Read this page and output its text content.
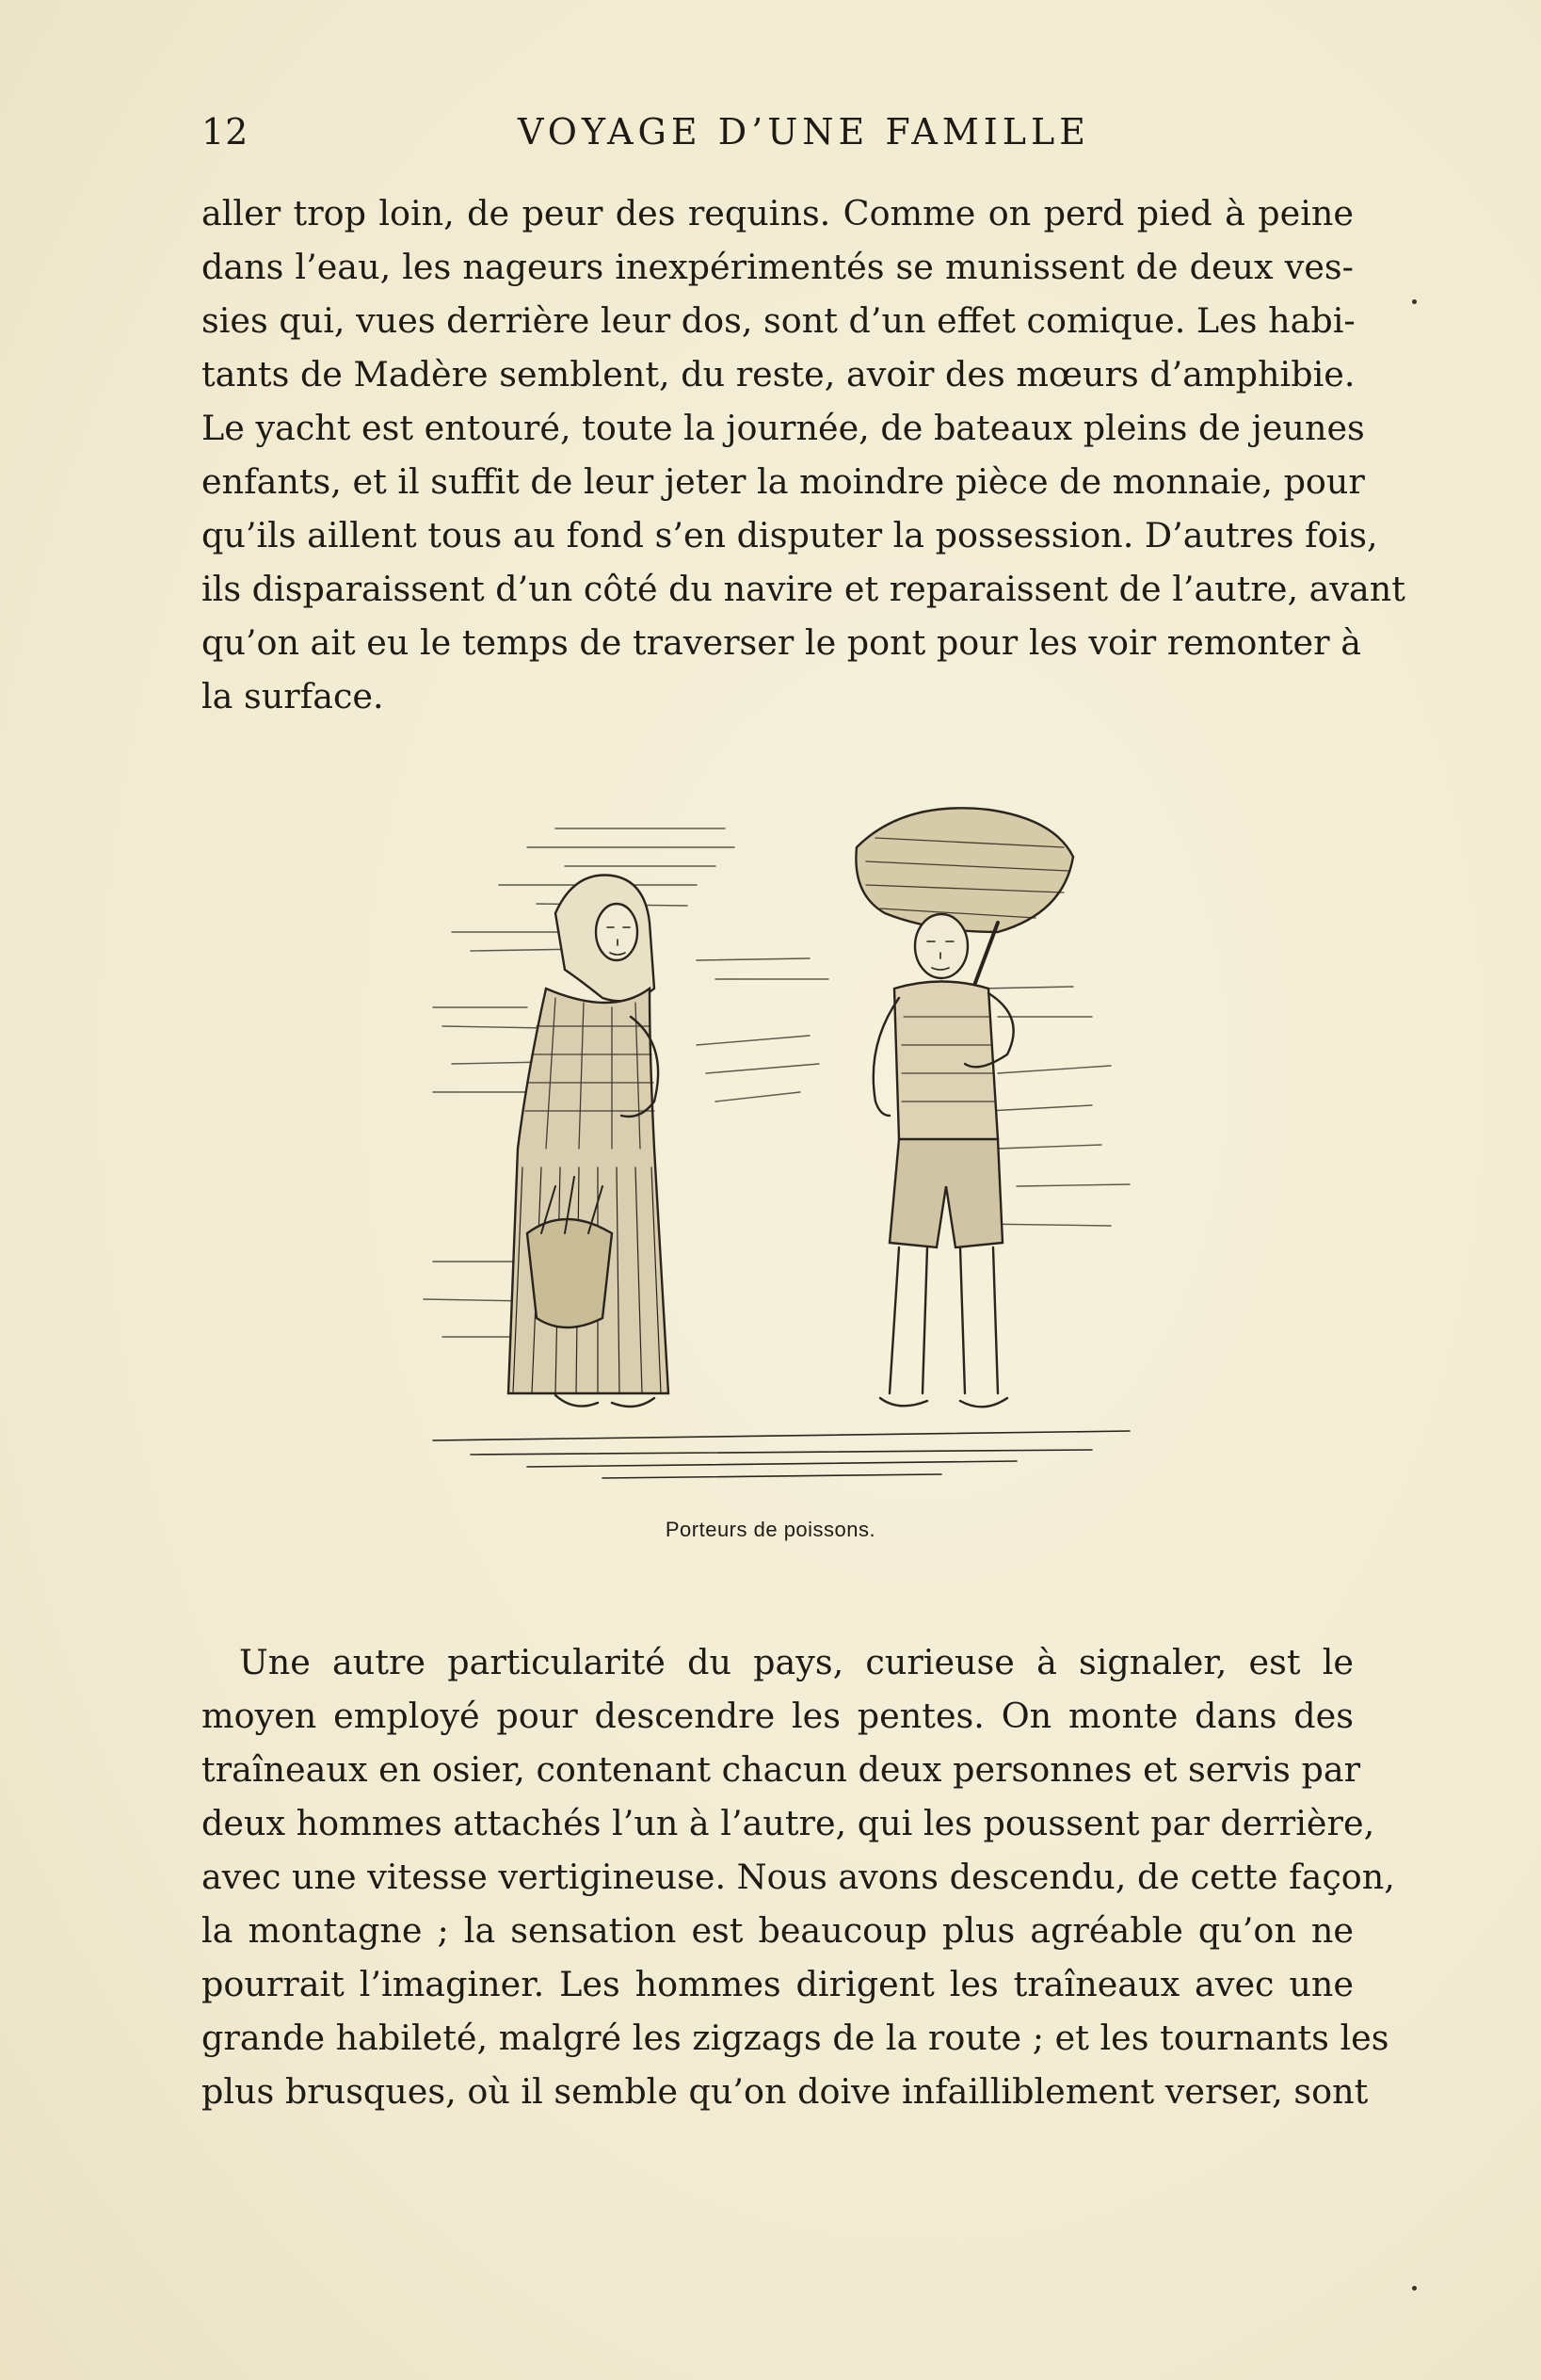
12	VOYAGE D’UNE FAMILLE
aller trop loin, de peur des requins. Comme on perd pied à peine
dans l’eau, les nageurs inexpérimentés se munissent de deux ves-
sies qui, vues derrière leur dos, sont d’un effet comique. Les habi-
tants de Madère semblent, du reste, avoir des mœurs d’amphibie.
Le yacht est entouré, toute la journée, de bateaux pleins de jeunes
enfants, et il suffit de leur jeter la moindre pièce de monnaie, pour
qu’ils aillent tous au fond s’en disputer la possession. D’autres fois,
ils disparaissent d’un côté du navire et reparaissent de l’autre, avant
qu’on ait eu le temps de traverser le pont pour les voir remonter à
la surface.
Porteurs de poissons.
Une autre particularité du pays, curieuse à signaler, est le
moyen employé pour descendre les pentes. On monte dans des
traîneaux en osier, contenant chacun deux personnes et servis par
deux hommes attachés l’un à l’autre, qui les poussent par derrière,
avec une vitesse vertigineuse. Nous avons descendu, de cette façon,
la montagne ; la sensation est beaucoup plus agréable qu’on ne
pourrait l’imaginer. Les hommes dirigent les traîneaux avec une
grande habileté, malgré les zigzags de la route ; et les tournants les
plus brusques, où il semble qu’on doive infailliblement verser, sont
